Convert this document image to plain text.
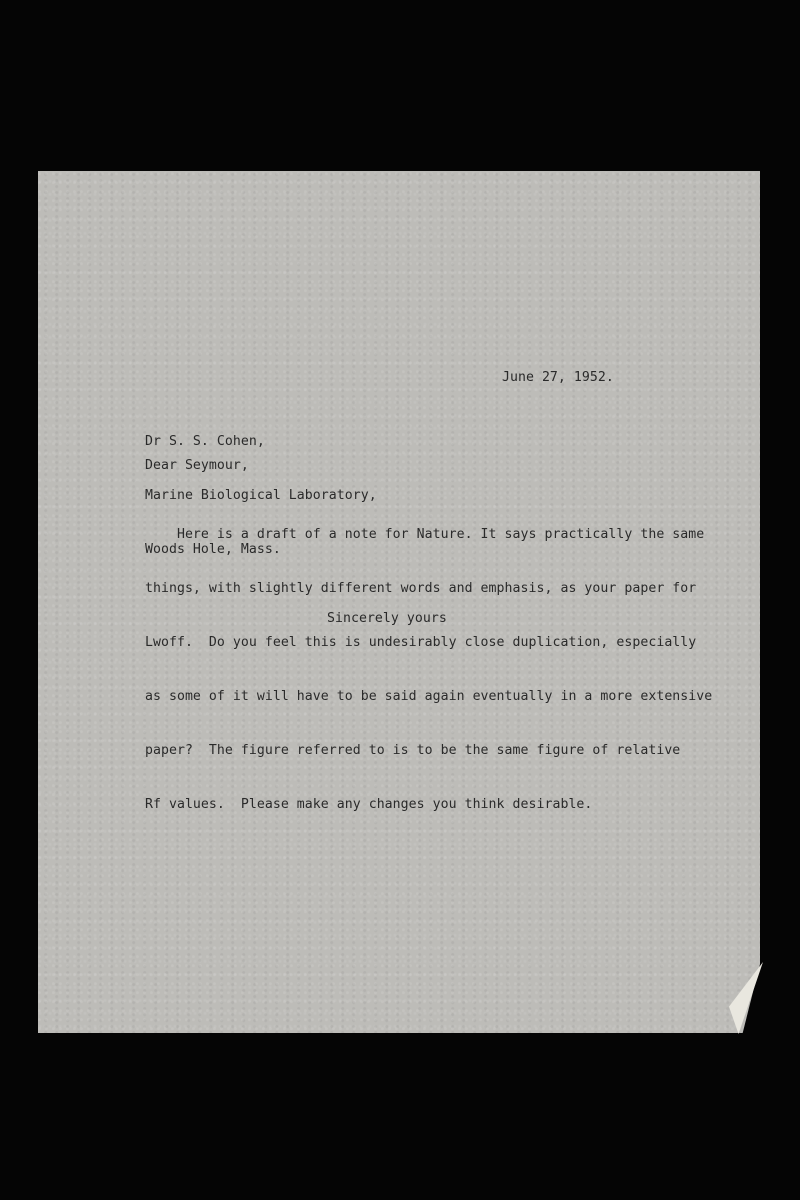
June 27, 1952.

Dr S. S. Cohen,

Marine Biological Laboratory,

Woods Hole, Mass.

Dear Seymour,

Here is a draft of a note for Nature. It says practically the same

things, with slightly different words and emphasis, as your paper for

Lwoff.  Do you feel this is undesirably close duplication, especially

as some of it will have to be said again eventually in a more extensive

paper?  The figure referred to is to be the same figure of relative

Rf values.  Please make any changes you think desirable.

Sincerely yours
